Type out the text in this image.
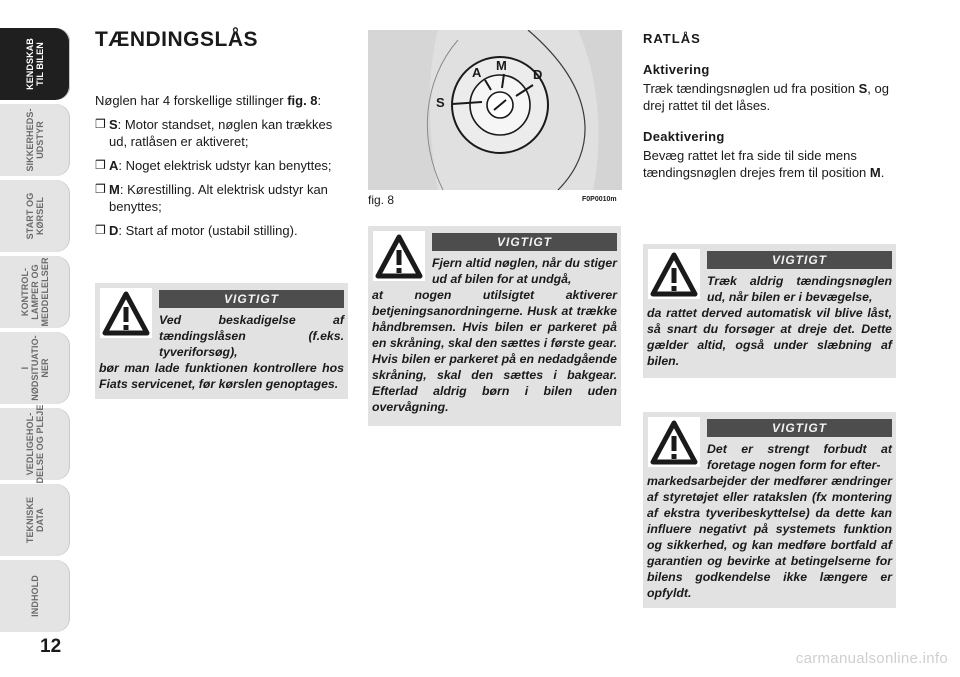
KENDSKAB
TIL BILEN
SIKKERHEDS-
UDSTYR
START OG
KØRSEL
KONTROL-
LAMPER OG
MEDDELELSER
I
NØDSITUATIO-
NER
VEDLIGEHOL-
DELSE OG PLEJE
TEKNISKE
DATA
INDHOLD
12
TÆNDINGSLÅS

Nøglen har 4 forskellige stillinger fig. 8:

❒ S: Motor standset, nøglen kan trækkes ud, ratlåsen er aktiveret;
❒ A: Noget elektrisk udstyr kan benyttes;
❒ M: Kørestilling. Alt elektrisk udstyr kan benyttes;
❒ D: Start af motor (ustabil stilling).
VIGTIGT
Ved beskadigelse af tændingslåsen (f.eks. tyveriforsøg),
bør man lade funktionen kontrollere hos Fiats servicenet, før kørslen genoptages.
S
A M
D
fig. 8	F0P0010m
VIGTIGT
Fjern altid nøglen, når du stiger ud af bilen for at undgå,
at nogen utilsigtet aktiverer betjeningsanordningerne. Husk at trække håndbremsen. Hvis bilen er parkeret på en skråning, skal den sættes i første gear. Hvis bilen er parkeret på en nedadgående skråning, skal den sættes i bakgear. Efterlad aldrig børn i bilen uden overvågning.
RATLÅS
Aktivering

Træk tændingsnøglen ud fra position S, og drej rattet til det låses.

Deaktivering

Bevæg rattet let fra side til side mens tændingsnøglen drejes frem til position M.

VIGTIGT
Træk aldrig tændingsnøglen ud, når bilen er i bevægelse,
da rattet derved automatisk vil blive låst, så snart du forsøger at dreje det. Dette gælder altid, også under slæbning af bilen.
VIGTIGT
Det er strengt forbudt at foretage nogen form for efter-
markedsarbejder der medfører ændringer af styretøjet eller ratakslen (fx montering af ekstra tyveribeskyttelse) da dette kan influere negativt på systemets funktion og sikkerhed, og kan medføre bortfald af garantien og bevirke at betingelserne for bilens godkendelse ikke længere er opfyldt.
carmanualsonline.info
